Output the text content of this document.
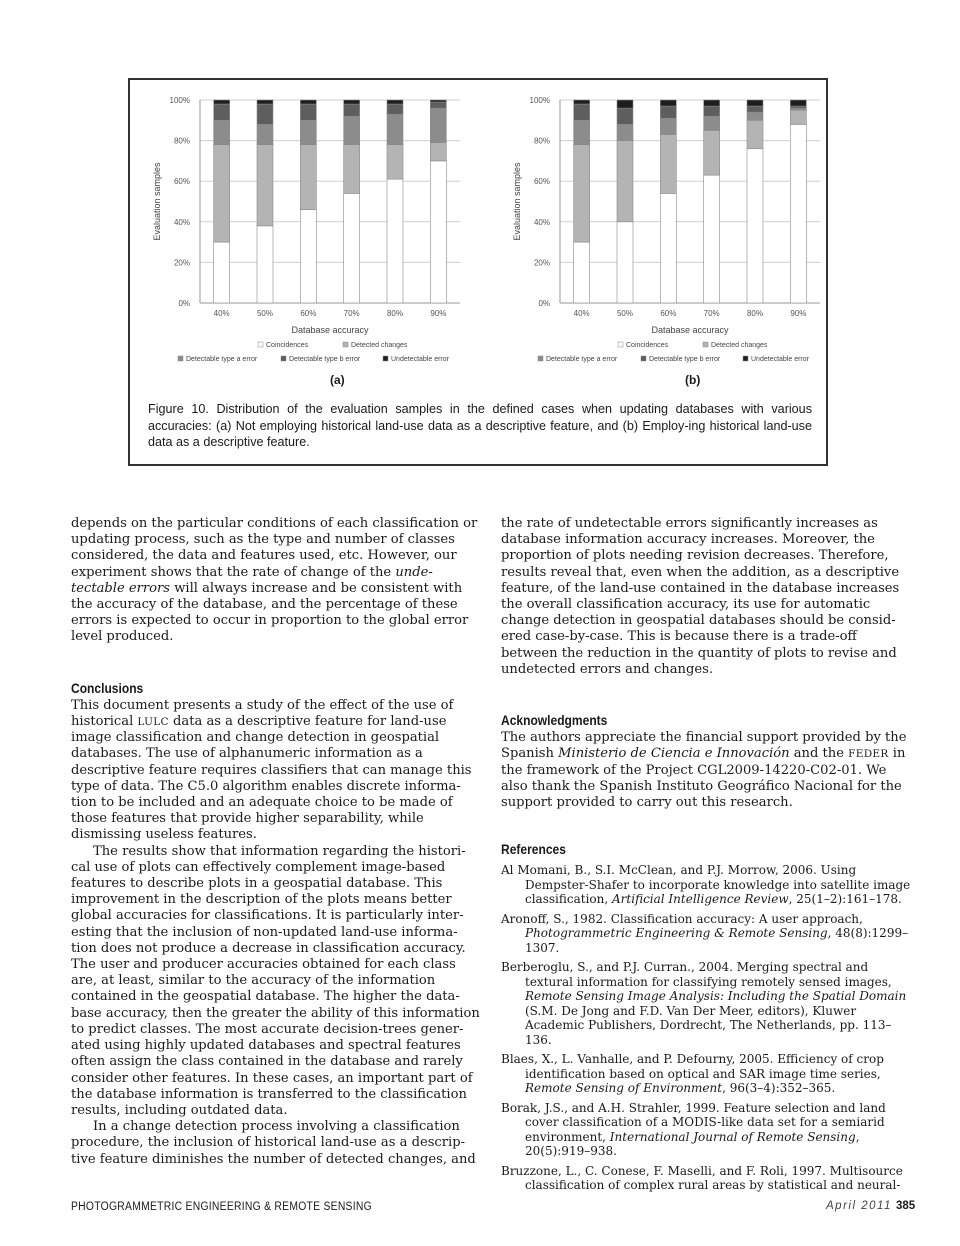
0%
20%
40%
60%
80%
100%
40%	50%	60%	70%	80%	90%
Database accuracy
Evaluation samples
Coincidences	Detected changes
Detectable type a error	Detectable type b error	Undetectable error
0%
20%
40%
60%
80%
100%
40%	50%	60%	70%	80%	90%
Database accuracy
Evaluation samples
Coincidences	Detected changes
Detectable type a error	Detectable type b error	Undetectable error
(a)	(b)
Figure 10. Distribution of the evaluation samples in the defined cases when updating databases with various accuracies: (a) Not employing historical land-use data as a descriptive feature, and (b) Employ-ing historical land-use data as a descriptive feature.

depends on the particular conditions of each classification or updating process, such as the type and number of classes considered, the data and features used, etc. However, our experiment shows that the rate of change of the unde-tectable errors will always increase and be consistent with the accuracy of the database, and the percentage of these errors is expected to occur in proportion to the global error level produced.

Conclusions

This document presents a study of the effect of the use of historical LULC data as a descriptive feature for land-use image classification and change detection in geospatial databases. The use of alphanumeric information as a descriptive feature requires classifiers that can manage this type of data. The C5.0 algorithm enables discrete informa-tion to be included and an adequate choice to be made of those features that provide higher separability, while dismissing useless features.

The results show that information regarding the histori-cal use of plots can effectively complement image-based features to describe plots in a geospatial database. This improvement in the description of the plots means better global accuracies for classifications. It is particularly inter-esting that the inclusion of non-updated land-use informa-tion does not produce a decrease in classification accuracy. The user and producer accuracies obtained for each class are, at least, similar to the accuracy of the information contained in the geospatial database. The higher the data-base accuracy, then the greater the ability of this information to predict classes. The most accurate decision-trees gener-ated using highly updated databases and spectral features often assign the class contained in the database and rarely consider other features. In these cases, an important part of the database information is transferred to the classification results, including outdated data.

In a change detection process involving a classification procedure, the inclusion of historical land-use as a descrip-tive feature diminishes the number of detected changes, and

the rate of undetectable errors significantly increases as database information accuracy increases. Moreover, the proportion of plots needing revision decreases. Therefore, results reveal that, even when the addition, as a descriptive feature, of the land-use contained in the database increases the overall classification accuracy, its use for automatic change detection in geospatial databases should be consid-ered case-by-case. This is because there is a trade-off between the reduction in the quantity of plots to revise and undetected errors and changes.

Acknowledgments

The authors appreciate the financial support provided by the Spanish Ministerio de Ciencia e Innovación and the FEDER in the framework of the Project CGL2009-14220-C02-01. We also thank the Spanish Instituto Geográfico Nacional for the support provided to carry out this research.

References

Al Momani, B., S.I. McClean, and P.J. Morrow, 2006. Using Dempster-Shafer to incorporate knowledge into satellite image classification, Artificial Intelligence Review, 25(1–2):161–178.

Aronoff, S., 1982. Classification accuracy: A user approach, Photogrammetric Engineering & Remote Sensing, 48(8):1299–1307.

Berberoglu, S., and P.J. Curran., 2004. Merging spectral and textural information for classifying remotely sensed images, Remote Sensing Image Analysis: Including the Spatial Domain (S.M. De Jong and F.D. Van Der Meer, editors), Kluwer Academic Publishers, Dordrecht, The Netherlands, pp. 113–136.

Blaes, X., L. Vanhalle, and P. Defourny, 2005. Efficiency of crop identification based on optical and SAR image time series, Remote Sensing of Environment, 96(3–4):352–365.

Borak, J.S., and A.H. Strahler, 1999. Feature selection and land cover classification of a MODIS-like data set for a semiarid environment, International Journal of Remote Sensing, 20(5):919–938.

Bruzzone, L., C. Conese, F. Maselli, and F. Roli, 1997. Multisource classification of complex rural areas by statistical and neural-

PHOTOGRAMMETRIC ENGINEERING & REMOTE SENSING	April 2011 385
